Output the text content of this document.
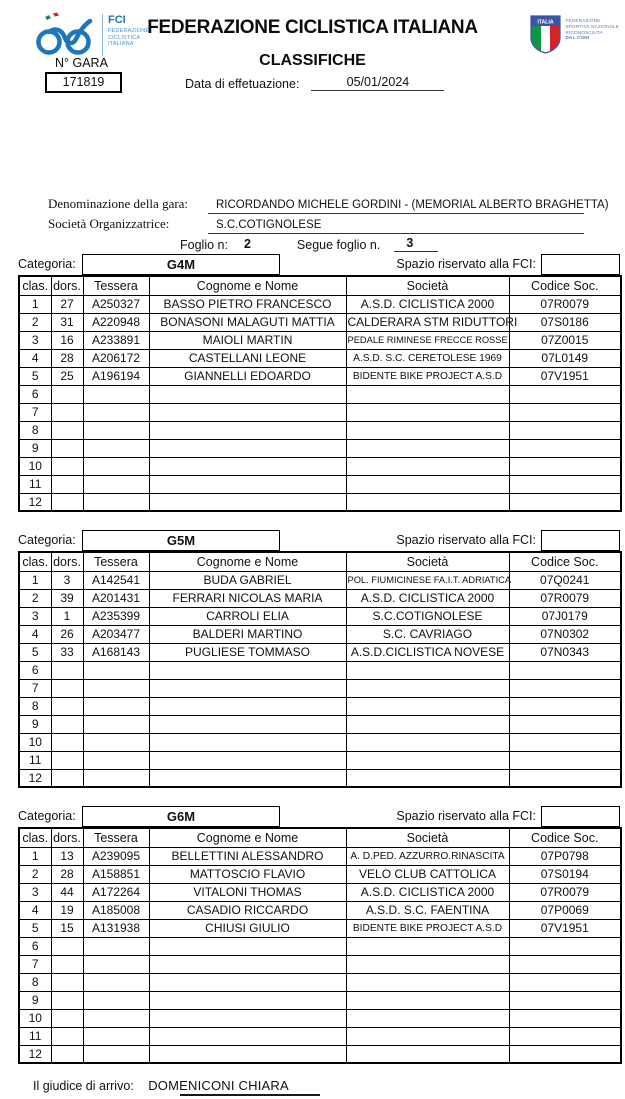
FCI
FEDERAZIONE
CICLISTICA
ITALIANA
FEDERAZIONE CICLISTICA ITALIANA
CLASSIFICHE
ITALIA	FEDERAZIONE
SPORTIVA NAZIONALE
RICONOSCIUTA
DAL CONI
N° GARA
171819	Data di effetuazione:	05/01/2024
Denominazione della gara:	RICORDANDO MICHELE GORDINI - (MEMORIAL ALBERTO BRAGHETTA)
Società Organizzatrice:	S.C.COTIGNOLESE
Foglio n: 2	Segue foglio n.	3
Categoria:	G4M	Spazio riservato alla FCI:
clas.	dors.	Tessera	Cognome e Nome	Società	Codice Soc.
1	27	A250327	BASSO PIETRO FRANCESCO	A.S.D. CICLISTICA 2000	07R0079
2	31	A220948	BONASONI MALAGUTI MATTIA	CALDERARA STM RIDUTTORI	07S0186
3	16	A233891	MAIOLI MARTIN	PEDALE RIMINESE FRECCE ROSSE	07Z0015
4	28	A206172	CASTELLANI LEONE	A.S.D. S.C. CERETOLESE 1969	07L0149
5	25	A196194	GIANNELLI EDOARDO	BIDENTE BIKE PROJECT A.S.D	07V1951
6					
7					
8					
9					
10					
11					
12					
Categoria:	G5M	Spazio riservato alla FCI:
clas.	dors.	Tessera	Cognome e Nome	Società	Codice Soc.
1	3	A142541	BUDA GABRIEL	POL. FIUMICINESE FA.I.T. ADRIATICA	07Q0241
2	39	A201431	FERRARI NICOLAS MARIA	A.S.D. CICLISTICA 2000	07R0079
3	1	A235399	CARROLI ELIA	S.C.COTIGNOLESE	07J0179
4	26	A203477	BALDERI MARTINO	S.C. CAVRIAGO	07N0302
5	33	A168143	PUGLIESE TOMMASO	A.S.D.CICLISTICA NOVESE	07N0343
6					
7					
8					
9					
10					
11					
12					
Categoria:	G6M	Spazio riservato alla FCI:
clas.	dors.	Tessera	Cognome e Nome	Società	Codice Soc.
1	13	A239095	BELLETTINI ALESSANDRO	A. D.PED. AZZURRO.RINASCITA	07P0798
2	28	A158851	MATTOSCIO FLAVIO	VELO CLUB CATTOLICA	07S0194
3	44	A172264	VITALONI THOMAS	A.S.D. CICLISTICA 2000	07R0079
4	19	A185008	CASADIO RICCARDO	A.S.D. S.C. FAENTINA	07P0069
5	15	A131938	CHIUSI GIULIO	BIDENTE BIKE PROJECT A.S.D	07V1951
6					
7					
8					
9					
10					
11					
12					
Il giudice di arrivo: DOMENICONI CHIARA
